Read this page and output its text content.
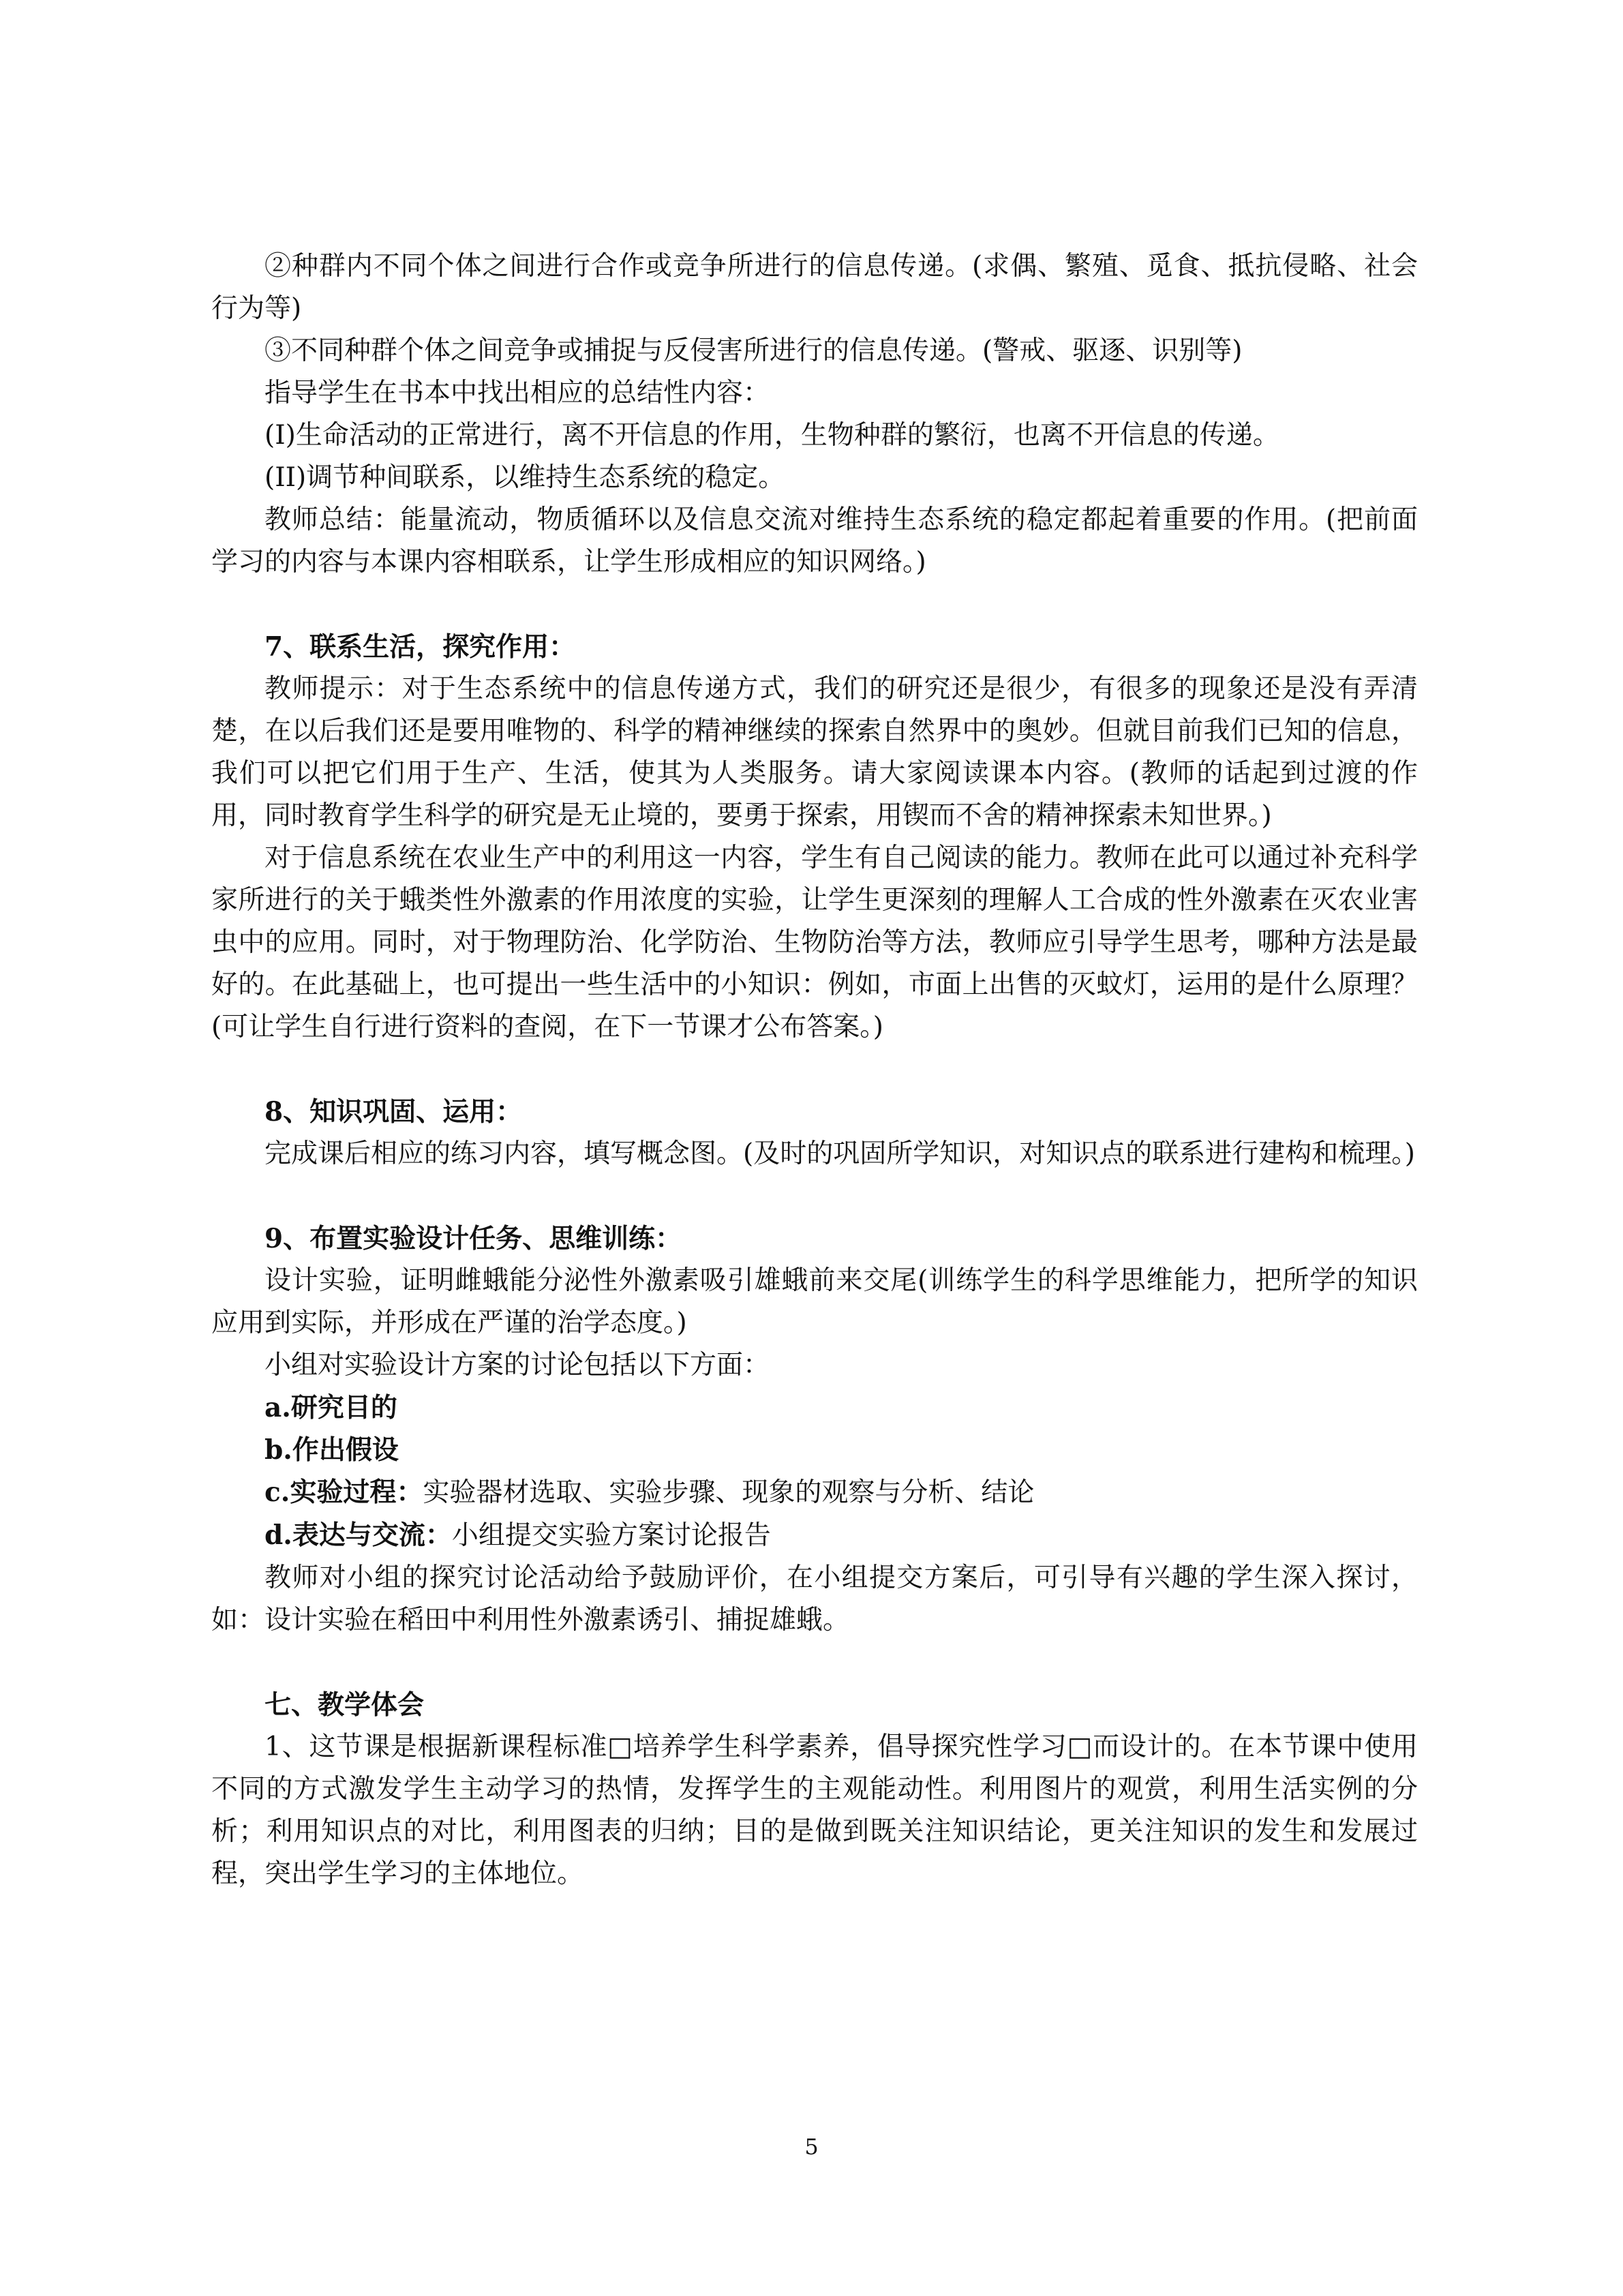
②种群内不同个体之间进行合作或竞争所进行的信息传递。(求偶、繁殖、觅食、抵抗侵略、社会行为等)

③不同种群个体之间竞争或捕捉与反侵害所进行的信息传递。(警戒、驱逐、识别等)

指导学生在书本中找出相应的总结性内容：

(I)生命活动的正常进行，离不开信息的作用，生物种群的繁衍，也离不开信息的传递。

(II)调节种间联系，以维持生态系统的稳定。

教师总结：能量流动，物质循环以及信息交流对维持生态系统的稳定都起着重要的作用。(把前面学习的内容与本课内容相联系，让学生形成相应的知识网络。)

7、联系生活，探究作用：

教师提示：对于生态系统中的信息传递方式，我们的研究还是很少，有很多的现象还是没有弄清楚，在以后我们还是要用唯物的、科学的精神继续的探索自然界中的奥妙。但就目前我们已知的信息，我们可以把它们用于生产、生活，使其为人类服务。请大家阅读课本内容。(教师的话起到过渡的作用，同时教育学生科学的研究是无止境的，要勇于探索，用锲而不舍的精神探索未知世界。)

对于信息系统在农业生产中的利用这一内容，学生有自己阅读的能力。教师在此可以通过补充科学家所进行的关于蛾类性外激素的作用浓度的实验，让学生更深刻的理解人工合成的性外激素在灭农业害虫中的应用。同时，对于物理防治、化学防治、生物防治等方法，教师应引导学生思考，哪种方法是最好的。在此基础上，也可提出一些生活中的小知识：例如，市面上出售的灭蚊灯，运用的是什么原理？(可让学生自行进行资料的查阅，在下一节课才公布答案。)

8、知识巩固、运用：

完成课后相应的练习内容，填写概念图。(及时的巩固所学知识，对知识点的联系进行建构和梳理。)

9、布置实验设计任务、思维训练：

设计实验，证明雌蛾能分泌性外激素吸引雄蛾前来交尾(训练学生的科学思维能力，把所学的知识应用到实际，并形成在严谨的治学态度。)

小组对实验设计方案的讨论包括以下方面：

a.研究目的

b.作出假设

c.实验过程：实验器材选取、实验步骤、现象的观察与分析、结论

d.表达与交流：小组提交实验方案讨论报告

教师对小组的探究讨论活动给予鼓励评价，在小组提交方案后，可引导有兴趣的学生深入探讨，如：设计实验在稻田中利用性外激素诱引、捕捉雄蛾。

七、教学体会

1、这节课是根据新课程标准□培养学生科学素养，倡导探究性学习□而设计的。在本节课中使用不同的方式激发学生主动学习的热情，发挥学生的主观能动性。利用图片的观赏，利用生活实例的分析；利用知识点的对比，利用图表的归纳；目的是做到既关注知识结论，更关注知识的发生和发展过程，突出学生学习的主体地位。

5
